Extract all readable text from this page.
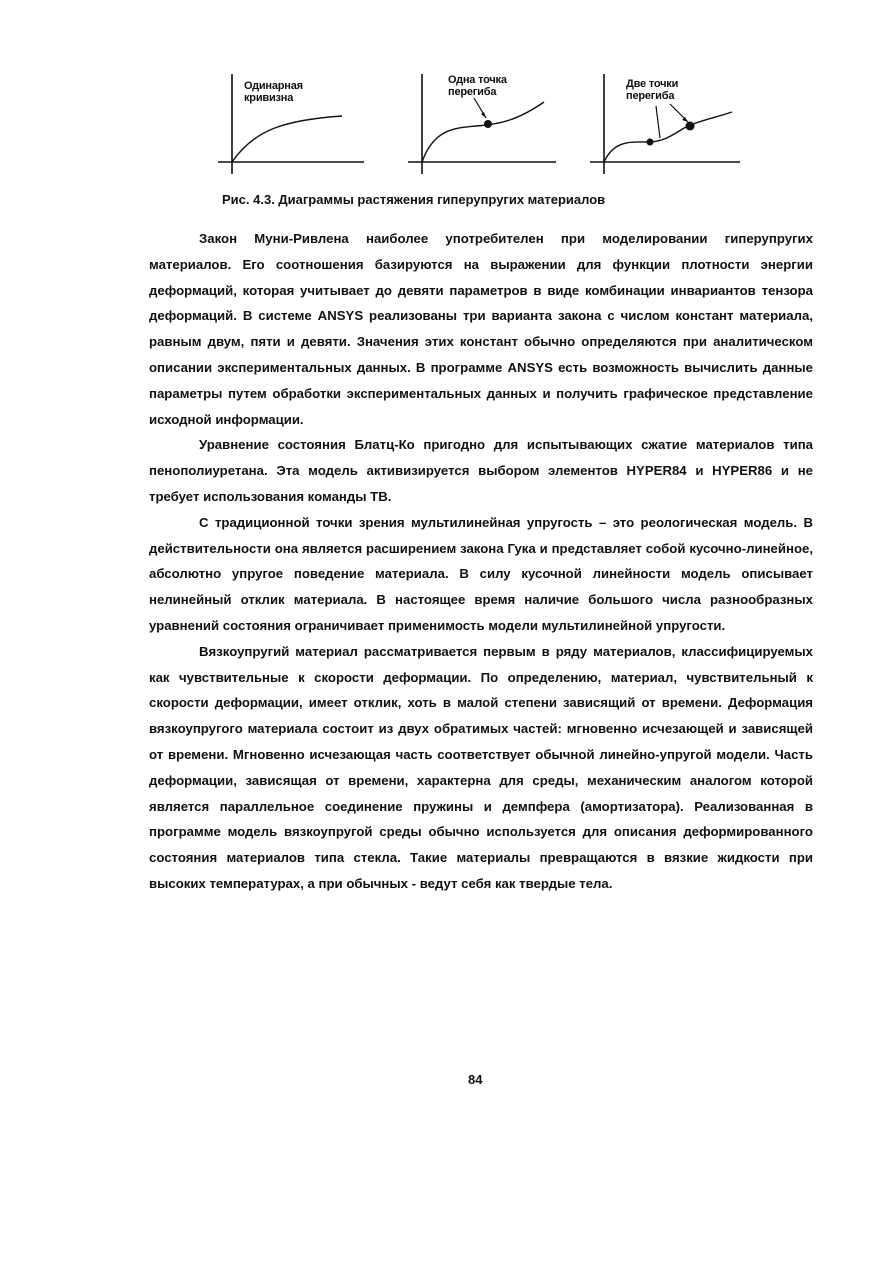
Одинарная
кривизна
Одна точка
перегиба
Две точки
перегиба
Рис. 4.3. Диаграммы растяжения гиперупругих материалов

Закон Муни-Ривлена наиболее употребителен при моделировании гиперупругих материалов. Его соотношения базируются на выражении для функции плотности энергии деформаций, которая учитывает до девяти параметров в виде комбинации инвариантов тензора деформаций. В системе ANSYS реализованы три варианта закона с числом констант материала, равным двум, пяти и девяти. Значения этих констант обычно определяются при аналитическом описании экспериментальных данных. В программе ANSYS есть возможность вычислить данные параметры путем обработки экспериментальных данных и получить графическое представление исходной информации.

Уравнение состояния Блатц-Ко пригодно для испытывающих сжатие материалов типа пенополиуретана. Эта модель активизируется выбором элементов HYPER84 и HYPER86 и не требует использования команды TB.

С традиционной точки зрения мультилинейная упругость – это реологическая модель. В действительности она является расширением закона Гука и представляет собой кусочно-линейное, абсолютно упругое поведение материала. В силу кусочной линейности модель описывает нелинейный отклик материала. В настоящее время наличие большого числа разнообразных уравнений состояния ограничивает применимость модели мультилинейной упругости.

Вязкоупругий материал рассматривается первым в ряду материалов, классифицируемых как чувствительные к скорости деформации. По определению, материал, чувствительный к скорости деформации, имеет отклик, хоть в малой степени зависящий от времени. Деформация вязкоупругого материала состоит из двух обратимых частей: мгновенно исчезающей и зависящей от времени. Мгновенно исчезающая часть соответствует обычной линейно-упругой модели. Часть деформации, зависящая от времени, характерна для среды, механическим аналогом которой является параллельное соединение пружины и демпфера (амортизатора). Реализованная в программе модель вязкоупругой среды обычно используется для описания деформированного состояния материалов типа стекла. Такие материалы превращаются в вязкие жидкости при высоких температурах, а при обычных - ведут себя как твердые тела.

84
